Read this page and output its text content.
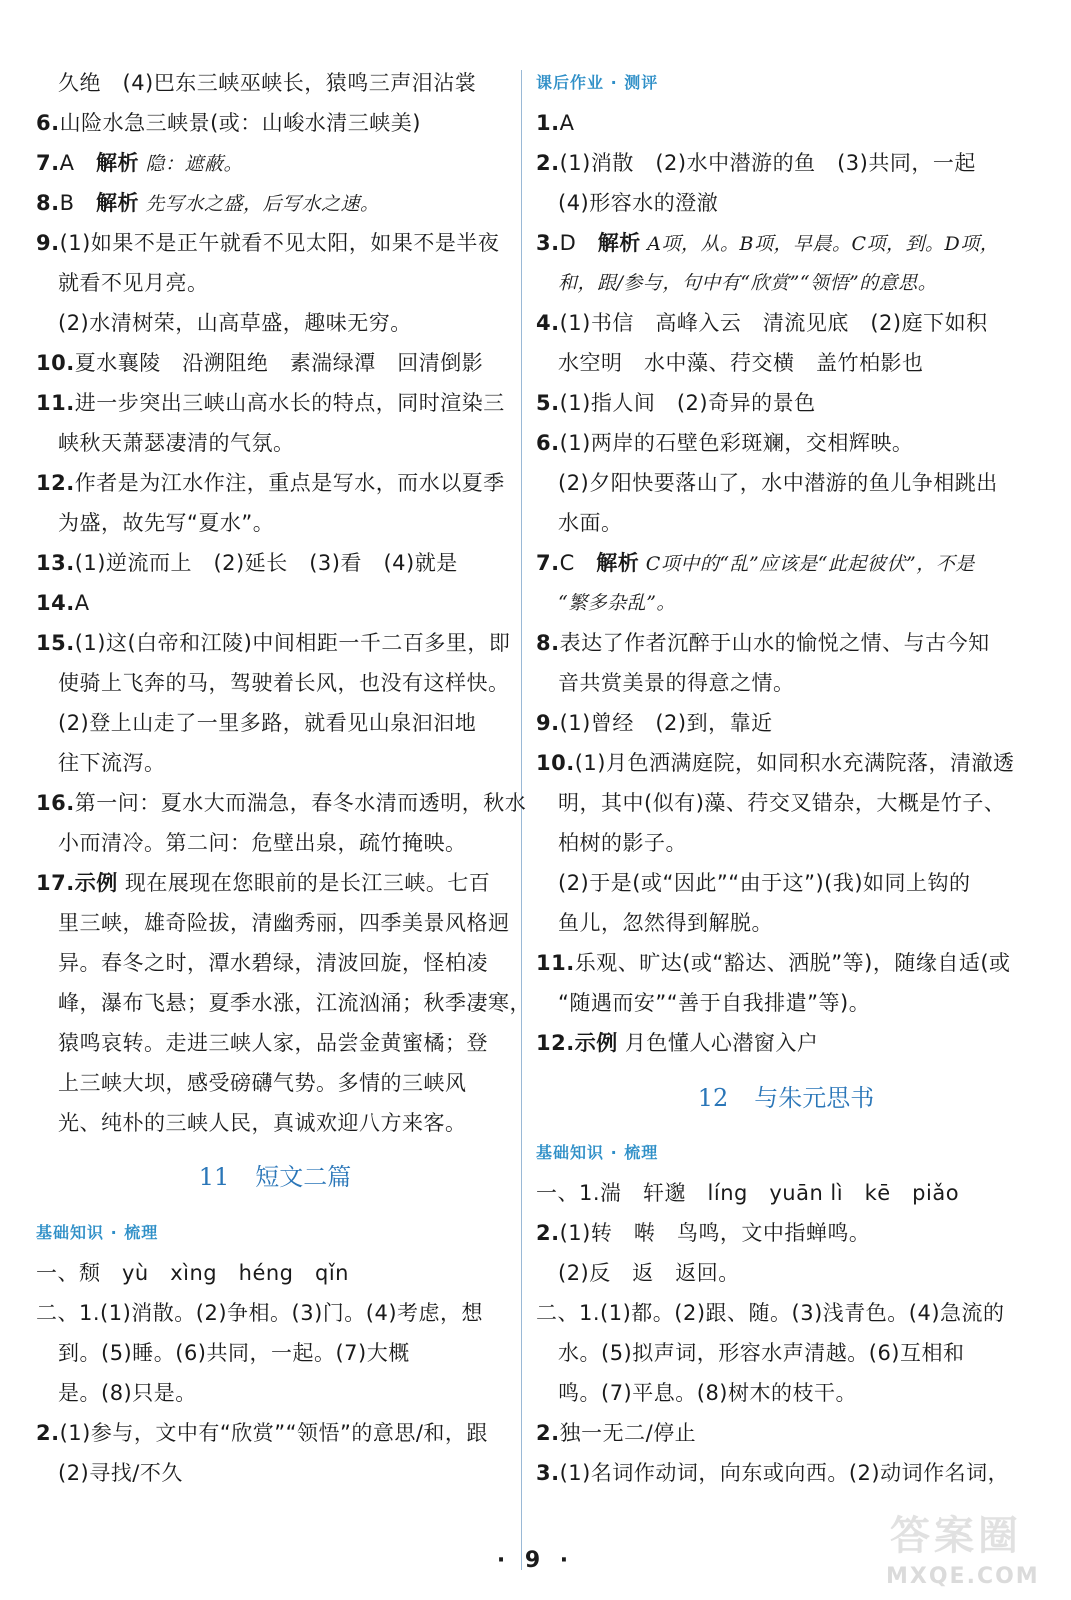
久绝　(4)巴东三峡巫峡长，猿鸣三声泪沾裳
6.山险水急三峡景(或：山峻水清三峡美)
7.A　解析 隐：遮蔽。
8.B　解析 先写水之盛，后写水之速。
9.(1)如果不是正午就看不见太阳，如果不是半夜
就看不见月亮。
(2)水清树荣，山高草盛，趣味无穷。
10.夏水襄陵　沿溯阻绝　素湍绿潭　回清倒影
11.进一步突出三峡山高水长的特点，同时渲染三
峡秋天萧瑟凄清的气氛。
12.作者是为江水作注，重点是写水，而水以夏季
为盛，故先写“夏水”。
13.(1)逆流而上　(2)延长　(3)看　(4)就是
14.A
15.(1)这(白帝和江陵)中间相距一千二百多里，即
使骑上飞奔的马，驾驶着长风，也没有这样快。
(2)登上山走了一里多路，就看见山泉汩汩地
往下流泻。
16.第一问：夏水大而湍急，春冬水清而透明，秋水
小而清冷。第二问：危壁出泉，疏竹掩映。
17.示例 现在展现在您眼前的是长江三峡。七百
里三峡，雄奇险拔，清幽秀丽，四季美景风格迥
异。春冬之时，潭水碧绿，清波回旋，怪柏凌
峰，瀑布飞悬；夏季水涨，江流汹涌；秋季凄寒，
猿鸣哀转。走进三峡人家，品尝金黄蜜橘；登
上三峡大坝，感受磅礴气势。多情的三峡风
光、纯朴的三峡人民，真诚欢迎八方来客。
11 短文二篇
基础知识 · 梳理
一、颓　yù　xìng　héng　qǐn
二、1.(1)消散。(2)争相。(3)门。(4)考虑，想
到。(5)睡。(6)共同，一起。(7)大概
是。(8)只是。
2.(1)参与，文中有“欣赏”“领悟”的意思/和，跟
(2)寻找/不久
课后作业 · 测评
1.A
2.(1)消散　(2)水中潜游的鱼　(3)共同，一起
(4)形容水的澄澈
3.D　解析 A项，从。B项，早晨。C项，到。D项，
和，跟/参与，句中有“欣赏”“领悟”的意思。
4.(1)书信　高峰入云　清流见底　(2)庭下如积
水空明　水中藻、荇交横　盖竹柏影也
5.(1)指人间　(2)奇异的景色
6.(1)两岸的石壁色彩斑斓，交相辉映。
(2)夕阳快要落山了，水中潜游的鱼儿争相跳出
水面。
7.C　解析 C项中的“乱”应该是“此起彼伏”，不是
“繁多杂乱”。
8.表达了作者沉醉于山水的愉悦之情、与古今知
音共赏美景的得意之情。
9.(1)曾经　(2)到，靠近
10.(1)月色洒满庭院，如同积水充满院落，清澈透
明，其中(似有)藻、荇交叉错杂，大概是竹子、
柏树的影子。
(2)于是(或“因此”“由于这”)(我)如同上钩的
鱼儿，忽然得到解脱。
11.乐观、旷达(或“豁达、洒脱”等)，随缘自适(或
“随遇而安”“善于自我排遣”等)。
12.示例 月色懂人心潜窗入户
12 与朱元思书
基础知识 · 梳理
一、1.湍　轩邈　líng　yuān lì　kē　piǎo
2.(1)转　啭　鸟鸣，文中指蝉鸣。
(2)反　返　返回。
二、1.(1)都。(2)跟、随。(3)浅青色。(4)急流的
水。(5)拟声词，形容水声清越。(6)互相和
鸣。(7)平息。(8)树木的枝干。
2.独一无二/停止
3.(1)名词作动词，向东或向西。(2)动词作名词，
· 9 ·
答案圈
MXQE.COM
